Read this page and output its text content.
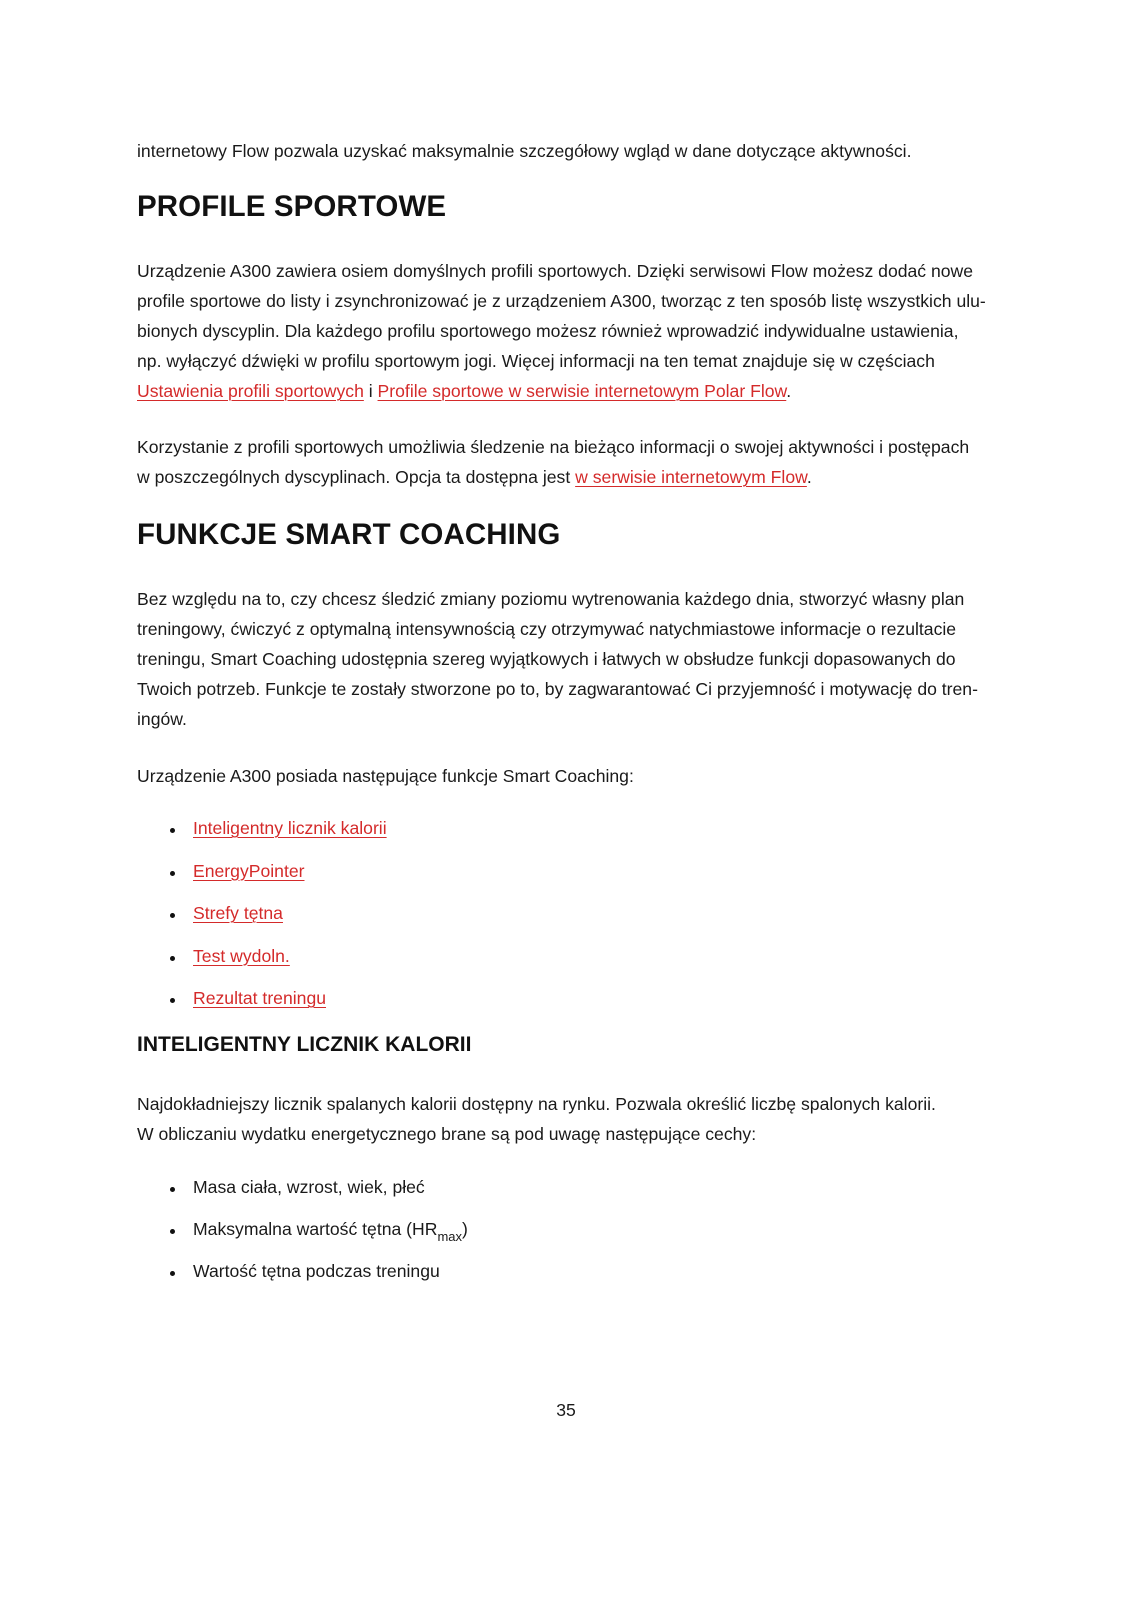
internetowy Flow pozwala uzyskać maksymalnie szczegółowy wgląd w dane dotyczące aktywności.

PROFILE SPORTOWE

Urządzenie A300 zawiera osiem domyślnych profili sportowych. Dzięki serwisowi Flow możesz dodać nowe
profile sportowe do listy i zsynchronizować je z urządzeniem A300, tworząc z ten sposób listę wszystkich ulu-
bionych dyscyplin. Dla każdego profilu sportowego możesz również wprowadzić indywidualne ustawienia,
np. wyłączyć dźwięki w profilu sportowym jogi. Więcej informacji na ten temat znajduje się w częściach
Ustawienia profili sportowych i Profile sportowe w serwisie internetowym Polar Flow.

Korzystanie z profili sportowych umożliwia śledzenie na bieżąco informacji o swojej aktywności i postępach
w poszczególnych dyscyplinach. Opcja ta dostępna jest w serwisie internetowym Flow.

FUNKCJE SMART COACHING

Bez względu na to, czy chcesz śledzić zmiany poziomu wytrenowania każdego dnia, stworzyć własny plan
treningowy, ćwiczyć z optymalną intensywnością czy otrzymywać natychmiastowe informacje o rezultacie
treningu, Smart Coaching udostępnia szereg wyjątkowych i łatwych w obsłudze funkcji dopasowanych do
Twoich potrzeb. Funkcje te zostały stworzone po to, by zagwarantować Ci przyjemność i motywację do tren-
ingów.

Urządzenie A300 posiada następujące funkcje Smart Coaching:

Inteligentny licznik kalorii
EnergyPointer
Strefy tętna
Test wydoln.
Rezultat treningu
INTELIGENTNY LICZNIK KALORII

Najdokładniejszy licznik spalanych kalorii dostępny na rynku. Pozwala określić liczbę spalonych kalorii.
W obliczaniu wydatku energetycznego brane są pod uwagę następujące cechy:

Masa ciała, wzrost, wiek, płeć
Maksymalna wartość tętna $(HR_{max})$
Wartość tętna podczas treningu
35
